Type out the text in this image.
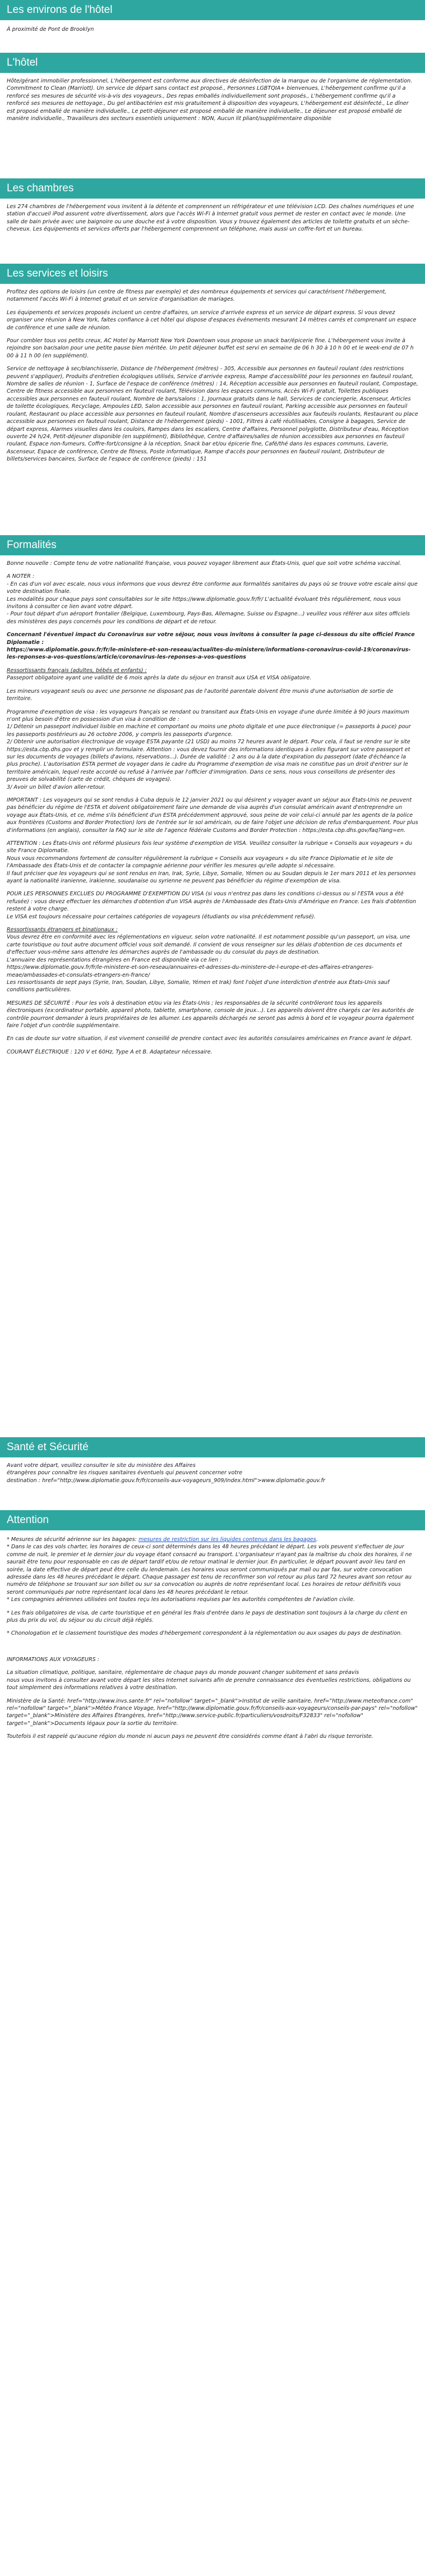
Les environs de l'hôtel

À proximité de Pont de Brooklyn

L'hôtel

Hôte/gérant immobilier professionnel, L'hébergement est conforme aux directives de désinfection de la marque ou de l'organisme de réglementation. Commitment to Clean (Marriott). Un service de départ sans contact est proposé., Personnes LGBTQIA+ bienvenues, L'hébergement confirme qu'il a renforcé ses mesures de sécurité vis-à-vis des voyageurs., Des repas emballés individuellement sont proposés., L'hébergement confirme qu'il a renforcé ses mesures de nettoyage., Du gel antibactérien est mis gratuitement à disposition des voyageurs, L'hébergement est désinfecté., Le dîner est proposé emballé de manière individuelle., Le petit-déjeuner est proposé emballé de manière individuelle., Le déjeuner est proposé emballé de manière individuelle., Travailleurs des secteurs essentiels uniquement : NON, Aucun lit pliant/supplémentaire disponible

Les chambres

Les 274 chambres de l'hébergement vous invitent à la détente et comprennent un réfrigérateur et une télévision LCD. Des chaînes numériques et une station d'accueil iPod assurent votre divertissement, alors que l'accès Wi-Fi à Internet gratuit vous permet de rester en contact avec le monde. Une salle de bain privée avec une baignoire ou une douche est à votre disposition. Vous y trouvez également des articles de toilette gratuits et un sèche-cheveux. Les équipements et services offerts par l'hébergement comprennent un téléphone, mais aussi un coffre-fort et un bureau.

Les services et loisirs

Profitez des options de loisirs (un centre de fitness par exemple) et des nombreux équipements et services qui caractérisent l'hébergement, notamment l'accès Wi-Fi à Internet gratuit et un service d'organisation de mariages.

Les équipements et services proposés incluent un centre d'affaires, un service d'arrivée express et un service de départ express. Si vous devez organiser une réunion à New York, faites confiance à cet hôtel qui dispose d'espaces événements mesurant 14 mètres carrés et comprenant un espace de conférence et une salle de réunion.

Pour combler tous vos petits creux, AC Hotel by Marriott New York Downtown vous propose un snack bar/épicerie fine. L'hébergement vous invite à rejoindre son bar/salon pour une petite pause bien méritée. Un petit déjeuner buffet est servi en semaine de 06 h 30 à 10 h 00 et le week-end de 07 h 00 à 11 h 00 (en supplément).

Service de nettoyage à sec/blanchisserie, Distance de l'hébergement (mètres) - 305, Accessible aux personnes en fauteuil roulant (des restrictions peuvent s'appliquer), Produits d'entretien écologiques utilisés, Service d'arrivée express, Rampe d'accessibilité pour les personnes en fauteuil roulant, Nombre de salles de réunion - 1, Surface de l'espace de conférence (mètres) : 14, Réception accessible aux personnes en fauteuil roulant, Compostage, Centre de fitness accessible aux personnes en fauteuil roulant, Télévision dans les espaces communs, Accès Wi-Fi gratuit, Toilettes publiques accessibles aux personnes en fauteuil roulant, Nombre de bars/salons : 1, Journaux gratuits dans le hall, Services de conciergerie, Ascenseur, Articles de toilette écologiques, Recyclage, Ampoules LED, Salon accessible aux personnes en fauteuil roulant, Parking accessible aux personnes en fauteuil roulant, Restaurant ou place accessible aux personnes en fauteuil roulant, Nombre d'ascenseurs accessibles aux fauteuils roulants, Restaurant ou place accessible aux personnes en fauteuil roulant, Distance de l'hébergement (pieds) - 1001, Filtres à café réutilisables, Consigne à bagages, Service de départ express, Alarmes visuelles dans les couloirs, Rampes dans les escaliers, Centre d'affaires, Personnel polyglotte, Distributeur d'eau, Réception ouverte 24 h/24, Petit-déjeuner disponible (en supplément), Bibliothèque, Centre d'affaires/salles de réunion accessibles aux personnes en fauteuil roulant, Espace non-fumeurs, Coffre-fort/consigne à la réception, Snack bar et/ou épicerie fine, Café/thé dans les espaces communs, Laverie, Ascenseur, Espace de conférence, Centre de fitness, Poste informatique, Rampe d'accès pour personnes en fauteuil roulant, Distributeur de billets/services bancaires, Surface de l'espace de conférence (pieds) : 151

Formalités

Bonne nouvelle : Compte tenu de votre nationalité française, vous pouvez voyager librement aux États-Unis, quel que soit votre schéma vaccinal.

A NOTER :

- En cas d'un vol avec escale, nous vous informons que vous devrez être conforme aux formalités sanitaires du pays où se trouve votre escale ainsi que votre destination finale.

Les modalités pour chaque pays sont consultables sur le site https://www.diplomatie.gouv.fr/fr/ L'actualité évoluant très régulièrement, nous vous invitons à consulter ce lien avant votre départ.

- Pour tout départ d'un aéroport frontalier (Belgique, Luxembourg, Pays-Bas, Allemagne, Suisse ou Espagne...) veuillez vous référer aux sites officiels des ministères des pays concernés pour les conditions de départ et de retour.

Concernant l'éventuel impact du Coronavirus sur votre séjour, nous vous invitons à consulter la page ci-dessous du site officiel France Diplomatie :

https://www.diplomatie.gouv.fr/fr/le-ministere-et-son-reseau/actualites-du-ministere/informations-coronavirus-covid-19/coronavirus-les-reponses-a-vos-questions/article/coronavirus-les-reponses-a-vos-questions

Ressortissants français (adultes, bébés et enfants) :

Passeport obligatoire ayant une validité de 6 mois après la date du séjour en transit aux USA et VISA obligatoire.

Les mineurs voyageant seuls ou avec une personne ne disposant pas de l'autorité parentale doivent être munis d'une autorisation de sortie de territoire.

Programme d'exemption de visa : les voyageurs français se rendant ou transitant aux États-Unis en voyage d'une durée limitée à 90 jours maximum n'ont plus besoin d'être en possession d'un visa à condition de :

1/ Détenir un passeport individuel lisible en machine et comportant ou moins une photo digitale et une puce électronique (= passeports à puce) pour les passeports postérieurs au 26 octobre 2006, y compris les passeports d'urgence.

2/ Obtenir une autorisation électronique de voyage ESTA payante (21 USD) au moins 72 heures avant le départ. Pour cela, il faut se rendre sur le site https://esta.cbp.dhs.gov et y remplir un formulaire. Attention : vous devez fournir des informations identiques à celles figurant sur votre passeport et sur les documents de voyages (billets d'avions, réservations...). Durée de validité : 2 ans ou à la date d'expiration du passeport (date d'échéance la plus proche). L'autorisation ESTA permet de voyager dans le cadre du Programme d'exemption de visa mais ne constitue pas un droit d'entrer sur le territoire américain, lequel reste accordé ou refusé à l'arrivée par l'officier d'immigration. Dans ce sens, nous vous conseillons de présenter des preuves de solvabilité (carte de crédit, chèques de voyages).

3/ Avoir un billet d'avion aller-retour.

IMPORTANT : Les voyageurs qui se sont rendus à Cuba depuis le 12 janvier 2021 ou qui désirent y voyager avant un séjour aux États-Unis ne peuvent pas bénéficier du régime de l'ESTA et doivent obligatoirement faire une demande de visa auprès d'un consulat américain avant d'entreprendre un voyage aux États-Unis, et ce, même s'ils bénéficient d'un ESTA précédemment approuvé, sous peine de voir celui-ci annulé par les agents de la police aux frontières (Customs and Border Protection) lors de l'entrée sur le sol américain, ou de faire l'objet une décision de refus d'embarquement. Pour plus d'informations (en anglais), consulter la FAQ sur le site de l'agence fédérale Customs and Border Protection : https://esta.cbp.dhs.gov/faq?lang=en.

ATTENTION : Les États-Unis ont réformé plusieurs fois leur système d'exemption de VISA. Veuillez consulter la rubrique « Conseils aux voyageurs » du site France Diplomatie.

Nous vous recommandons fortement de consulter régulièrement la rubrique « Conseils aux voyageurs » du site France Diplomatie et le site de l'Ambassade des États-Unis et de contacter la compagnie aérienne pour vérifier les mesures qu'elle adopte si nécessaire.

Il faut préciser que les voyageurs qui se sont rendus en Iran, Irak, Syrie, Libye, Somalie, Yémen ou au Soudan depuis le 1er mars 2011 et les personnes ayant la nationalité iranienne, irakienne, soudanaise ou syrienne ne peuvent pas bénéficier du régime d'exemption de visa.

POUR LES PERSONNES EXCLUES DU PROGRAMME D'EXEMPTION DU VISA (si vous n'entrez pas dans les conditions ci-dessus ou si l'ESTA vous a été refusée) : vous devez effectuer les démarches d'obtention d'un VISA auprès de l'Ambassade des États-Unis d'Amérique en France. Les frais d'obtention restent à votre charge.

Le VISA est toujours nécessaire pour certaines catégories de voyageurs (étudiants ou visa précédemment refusé).

Ressortissants étrangers et binationaux :

Vous devrez être en conformité avec les réglementations en vigueur, selon votre nationalité. Il est notamment possible qu'un passeport, un visa, une carte touristique ou tout autre document officiel vous soit demandé. Il convient de vous renseigner sur les délais d'obtention de ces documents et d'effectuer vous-même sans attendre les démarches auprès de l'ambassade ou du consulat du pays de destination.

L'annuaire des représentations étrangères en France est disponible via ce lien :

https://www.diplomatie.gouv.fr/fr/le-ministere-et-son-reseau/annuaires-et-adresses-du-ministere-de-l-europe-et-des-affaires-etrangeres-meae/ambassades-et-consulats-etrangers-en-france/

Les ressortissants de sept pays (Syrie, Iran, Soudan, Libye, Somalie, Yémen et Irak) font l'objet d'une interdiction d'entrée aux États-Unis sauf conditions particulières.

MESURES DE SÉCURITÉ : Pour les vols à destination et/ou via les États-Unis ; les responsables de la sécurité contrôleront tous les appareils électroniques (ex:ordinateur portable, appareil photo, tablette, smartphone, console de jeux...). Les appareils doivent être chargés car les autorités de contrôle pourront demander à leurs propriétaires de les allumer. Les appareils déchargés ne seront pas admis à bord et le voyageur pourra également faire l'objet d'un contrôle supplémentaire.

En cas de doute sur votre situation, il est vivement conseillé de prendre contact avec les autorités consulaires américaines en France avant le départ.

COURANT ÉLECTRIQUE : 120 V et 60Hz, Type A et B. Adaptateur nécessaire.

Santé et Sécurité

Avant votre départ, veuillez consulter le site du ministère des Affaires

étrangères pour connaître les risques sanitaires éventuels qui peuvent concerner votre

destination : href="http://www.diplomatie.gouv.fr/fr/conseils-aux-voyageurs_909/index.html">www.diplomatie.gouv.fr

Attention

* Mesures de sécurité aérienne sur les bagages: mesures de restriction sur les liquides contenus dans les bagages.

* Dans le cas des vols charter, les horaires de ceux-ci sont déterminés dans les 48 heures précédant le départ. Les vols peuvent s'effectuer de jour comme de nuit, le premier et le dernier jour du voyage étant consacré au transport. L'organisateur n'ayant pas la maîtrise du choix des horaires, il ne saurait être tenu pour responsable en cas de départ tardif et/ou de retour matinal le dernier jour. En particulier, le départ pouvant avoir lieu tard en soirée, la date effective de départ peut être celle du lendemain. Les horaires vous seront communiqués par mail ou par fax, sur votre convocation adressée dans les 48 heures précédant le départ. Chaque passager est tenu de reconfirmer son vol retour au plus tard 72 heures avant son retour au numéro de téléphone se trouvant sur son billet ou sur sa convocation ou auprès de notre représentant local. Les horaires de retour définitifs vous seront communiqués par notre représentant local dans les 48 heures précédant le retour.

* Les compagnies aériennes utilisées ont toutes reçu les autorisations requises par les autorités compétentes de l'aviation civile.

* Les frais obligatoires de visa, de carte touristique et en général les frais d'entrée dans le pays de destination sont toujours à la charge du client en plus du prix du vol, du séjour ou du circuit déjà réglés.

* Chonologation et le classement touristique des modes d'hébergement correspondent à la réglementation ou aux usages du pays de destination.

INFORMATIONS AUX VOYAGEURS :

La situation climatique, politique, sanitaire, réglementaire de chaque pays du monde pouvant changer subitement et sans préavis

nous vous invitons à consulter avant votre départ les sites Internet suivants afin de prendre connaissance des éventuelles restrictions, obligations ou tout simplement des informations relatives à votre destination.

Ministère de la Santé: href="http://www.invs.sante.fr" rel="nofollow" target="_blank">Institut de veille sanitaire, href="http://www.meteofrance.com" rel="nofollow" target="_blank">Météo France Voyage, href="http://www.diplomatie.gouv.fr/fr/conseils-aux-voyageurs/conseils-par-pays" rel="nofollow" target="_blank">Ministère des Affaires Étrangères, href="http://www.service-public.fr/particuliers/vosdroits/F32833" rel="nofollow" target="_blank">Documents légaux pour la sortie du territoire.

Toutefois il est rappelé qu'aucune région du monde ni aucun pays ne peuvent être considérés comme étant à l'abri du risque terroriste.
